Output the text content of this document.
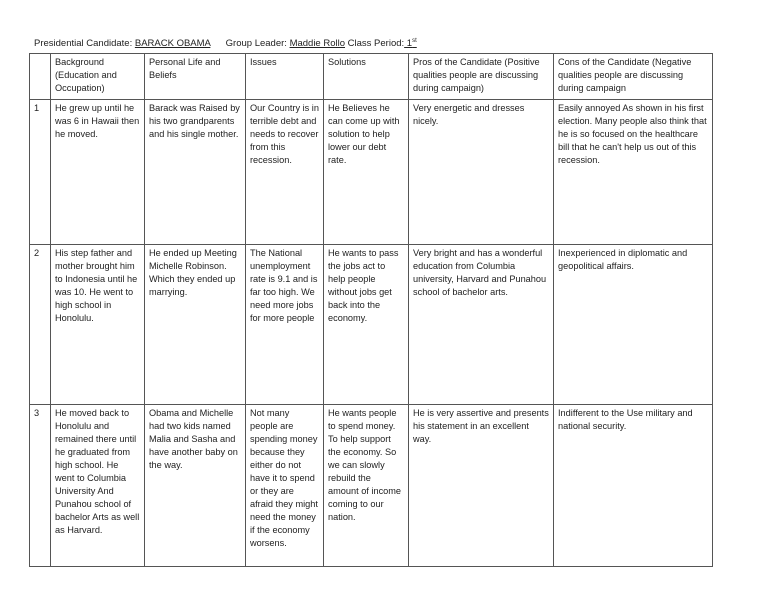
Presidential Candidate: BARACK OBAMA Group Leader: Maddie Rollo Class Period: 1st
	Background (Education and Occupation)	Personal Life and Beliefs	Issues	Solutions	Pros of the Candidate (Positive qualities people are discussing during campaign)	Cons of the Candidate (Negative qualities people are discussing during campaign
1	He grew up until he was 6 in Hawaii then he moved.	Barack was Raised by his two grandparents and his single mother.	Our Country is in terrible debt and needs to recover from this recession.	He Believes he can come up with solution to help lower our debt rate.	Very energetic and dresses nicely.	Easily annoyed As shown in his first election. Many people also think that he is so focused on the healthcare bill that he can't help us out of this recession.
2	His step father and mother brought him to Indonesia until he was 10. He went to high school in Honolulu.	He ended up Meeting Michelle Robinson. Which they ended up marrying.	The National unemployment rate is 9.1 and is far too high. We need more jobs for more people	He wants to pass the jobs act to help people without jobs get back into the economy.	Very bright and has a wonderful education from Columbia university, Harvard and Punahou school of bachelor arts.	Inexperienced in diplomatic and geopolitical affairs.
3	He moved back to Honolulu and remained there until he graduated from high school. He went to Columbia University And Punahou school of bachelor Arts as well as Harvard.	Obama and Michelle had two kids named Malia and Sasha and have another baby on the way.	Not many people are spending money because they either do not have it to spend or they are afraid they might need the money if the economy worsens.	He wants people to spend money. To help support the economy. So we can slowly rebuild the amount of income coming to our nation.	He is very assertive and presents his statement in an excellent way.	Indifferent to the Use military and national security.
